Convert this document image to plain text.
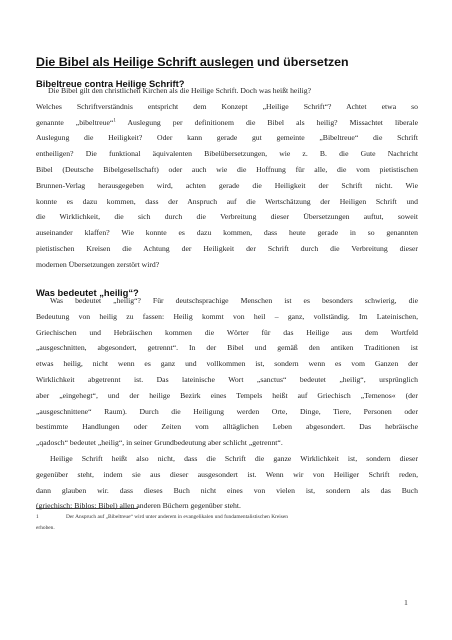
Die Bibel als Heilige Schrift auslegen und übersetzen
Bibeltreue contra Heilige Schrift?
Die Bibel gilt den christlichen Kirchen als die Heilige Schrift. Doch was heißt heilig?
Welches Schriftverständnis entspricht dem Konzept „Heilige Schrift“? Achtet etwa so
genannte „bibeltreue“$^1$ Auslegung per definitionem die Bibel als heilig? Missachtet liberale
Auslegung die Heiligkeit? Oder kann gerade gut gemeinte „Bibeltreue“ die Schrift
entheiligen? Die funktional äquivalenten Bibelübersetzungen, wie z. B. die Gute Nachricht
Bibel (Deutsche Bibelgesellschaft) oder auch wie die Hoffnung für alle, die vom pietistischen
Brunnen-Verlag herausgegeben wird, achten gerade die Heiligkeit der Schrift nicht. Wie
konnte es dazu kommen, dass der Anspruch auf die Wertschätzung der Heiligen Schrift und
die Wirklichkeit, die sich durch die Verbreitung dieser Übersetzungen auftut, soweit
auseinander klaffen? Wie konnte es dazu kommen, dass heute gerade in so genannten
pietistischen Kreisen die Achtung der Heiligkeit der Schrift durch die Verbreitung dieser
modernen Übersetzungen zerstört wird?
Was bedeutet „heilig“?
Was bedeutet „heilig“? Für deutschsprachige Menschen ist es besonders schwierig, die
Bedeutung von heilig zu fassen: Heilig kommt von heil – ganz, vollständig. Im Lateinischen,
Griechischen und Hebräischen kommen die Wörter für das Heilige aus dem Wortfeld
„ausgeschnitten, abgesondert, getrennt“. In der Bibel und gemäß den antiken Traditionen ist
etwas heilig, nicht wenn es ganz und vollkommen ist, sondern wenn es vom Ganzen der
Wirklichkeit abgetrennt ist. Das lateinische Wort „sanctus“ bedeutet „heilig“, ursprünglich
aber „eingehegt“, und der heilige Bezirk eines Tempels heißt auf Griechisch „Temenos« (der
„ausgeschnittene“ Raum). Durch die Heiligung werden Orte, Dinge, Tiere, Personen oder
bestimmte Handlungen oder Zeiten vom alltäglichen Leben abgesondert. Das hebräische
„qadosch“ bedeutet „heilig“, in seiner Grundbedeutung aber schlicht „getrennt“.
Heilige Schrift heißt also nicht, dass die Schrift die ganze Wirklichkeit ist, sondern dieser
gegenüber steht, indem sie aus dieser ausgesondert ist. Wenn wir von Heiliger Schrift reden,
dann glauben wir. dass dieses Buch nicht eines von vielen ist, sondern als das Buch
(griechisch: Biblos; Bibel) allen anderen Büchern gegenüber steht.
1	Der Anspruch auf „Bibeltreue“ wird unter anderem in evangelikalen und fundamentalistischen Kreisen
erhoben.
1
